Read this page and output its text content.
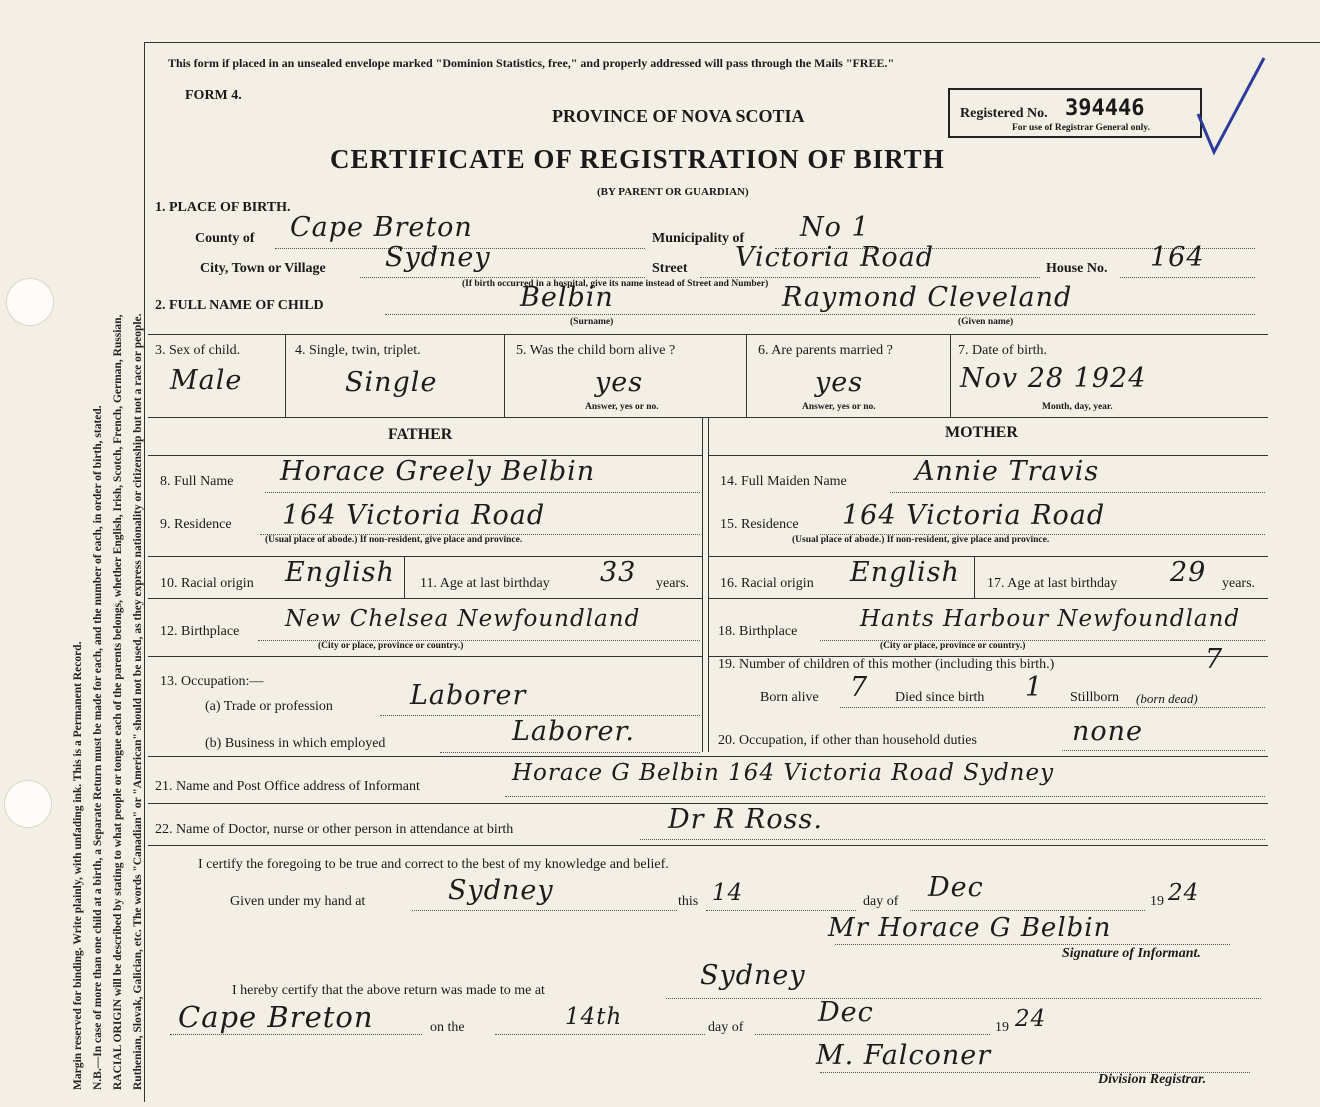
Margin reserved for binding. Write plainly, with unfading ink. This is a Permanent Record. N.B.—In case of more than one child at a birth, a Separate Return must be made for each, and the number of each, in order of birth, stated. RACIAL ORIGIN will be described by stating to what people or tongue each of the parents belongs, whether English, Irish, Scotch, French, German, Russian, Ruthenian, Slovak, Galician, etc. The words "Canadian" or "American" should not be used, as they express nationality or citizenship but not a race or people.
This form if placed in an unsealed envelope marked "Dominion Statistics, free," and properly addressed will pass through the Mails "FREE."
FORM 4.
PROVINCE OF NOVA SCOTIA
CERTIFICATE OF REGISTRATION OF BIRTH
(BY PARENT OR GUARDIAN)
Registered No. 394446
For use of Registrar General only.
1. PLACE OF BIRTH.
County of Cape Breton	Municipality of No 1
City, Town or Village Sydney	Street Victoria Road	House No. 164
(If birth occurred in a hospital, give its name instead of Street and Number)
2. FULL NAME OF CHILD	Belbin	Raymond Cleveland
(Surname)	(Given name)
3. Sex of child.
Male
4. Single, twin, triplet.
Single
5. Was the child born alive ?
yes
Answer, yes or no.
6. Are parents married ?
yes
Answer, yes or no.
7. Date of birth.
Nov 28 1924
Month, day, year.
FATHER	MOTHER
8. Full Name Horace Greely Belbin	14. Full Maiden Name	Annie Travis
9. Residence 164 Victoria Road
(Usual place of abode.) If non-resident, give place and province.
15. Residence 164 Victoria Road
(Usual place of abode.) If non-resident, give place and province.
10. Racial origin English 11. Age at last birthday 33 years. 16. Racial origin English 17. Age at last birthday 29 years.
12. Birthplace New Chelsea Newfoundland
(City or place, province or country.)
18. Birthplace	Hants Harbour Newfoundland
(City or place, province or country.)
13. Occupation:—
(a) Trade or profession	Laborer
(b) Business in which employed	Laborer.
19. Number of children of this mother (including this birth.)	7
Born alive 7 Died since birth 1 Stillborn (born dead)
20. Occupation, if other than household duties	none
21. Name and Post Office address of Informant
Horace G Belbin 164 Victoria Road Sydney
22. Name of Doctor, nurse or other person in attendance at birth	Dr R Ross.
I certify the foregoing to be true and correct to the best of my knowledge and belief.
Given under my hand at	Sydney	this 14	day of Dec	19 24
Mr Horace G Belbin
Signature of Informant.
I hereby certify that the above return was made to me at	Sydney
Cape Breton	on the	14th	day of	Dec	19 24
M. Falconer
Division Registrar.
